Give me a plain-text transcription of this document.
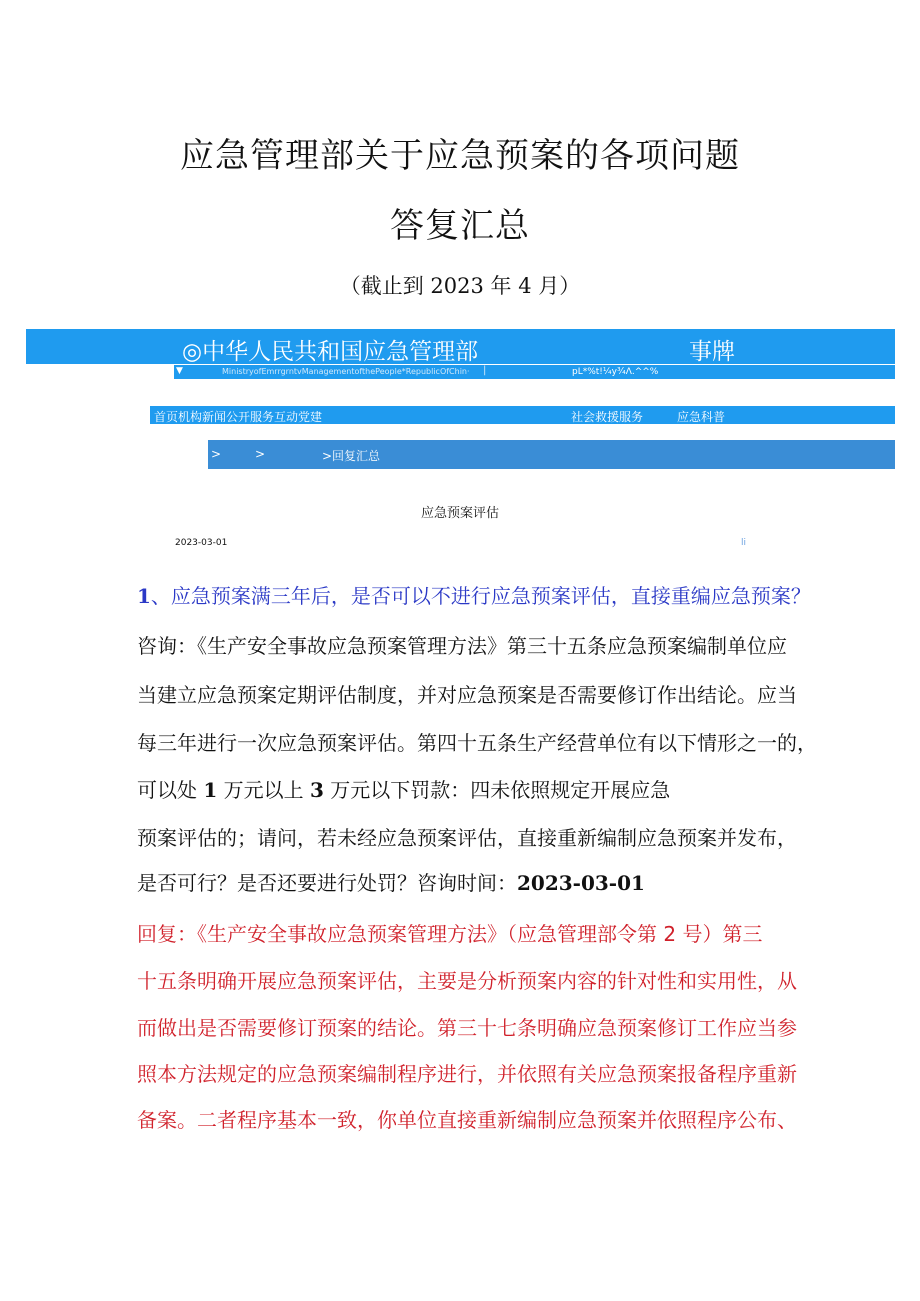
应急管理部关于应急预案的各项问题
答复汇总
（截止到 2023 年 4 月）
◎中华人民共和国应急管理部	事牌
▼	MinistryofEmrrgrntvManagementofthePeople*RepublicOfChin· |	pL*%t!¼y¾Λ.^^%
首页机构新闻公开服务互动党建	社会救援服务	应急科普
>	>	>回复汇总
应急预案评估
2023-03-01	li
1、应急预案满三年后，是否可以不进行应急预案评估，直接重编应急预案？
咨询：《生产安全事故应急预案管理方法》第三十五条应急预案编制单位应
当建立应急预案定期评估制度，并对应急预案是否需要修订作出结论。应当
每三年进行一次应急预案评估。第四十五条生产经营单位有以下情形之一的，
可以处 1 万元以上 3 万元以下罚款：四未依照规定开展应急
预案评估的；请问，若未经应急预案评估，直接重新编制应急预案并发布，
是否可行？是否还要进行处罚？咨询时间：2023-03-01
回复：《生产安全事故应急预案管理方法》（应急管理部令第 2 号）第三
十五条明确开展应急预案评估，主要是分析预案内容的针对性和实用性，从
而做出是否需要修订预案的结论。第三十七条明确应急预案修订工作应当参
照本方法规定的应急预案编制程序进行，并依照有关应急预案报备程序重新
备案。二者程序基本一致，你单位直接重新编制应急预案并依照程序公布、
